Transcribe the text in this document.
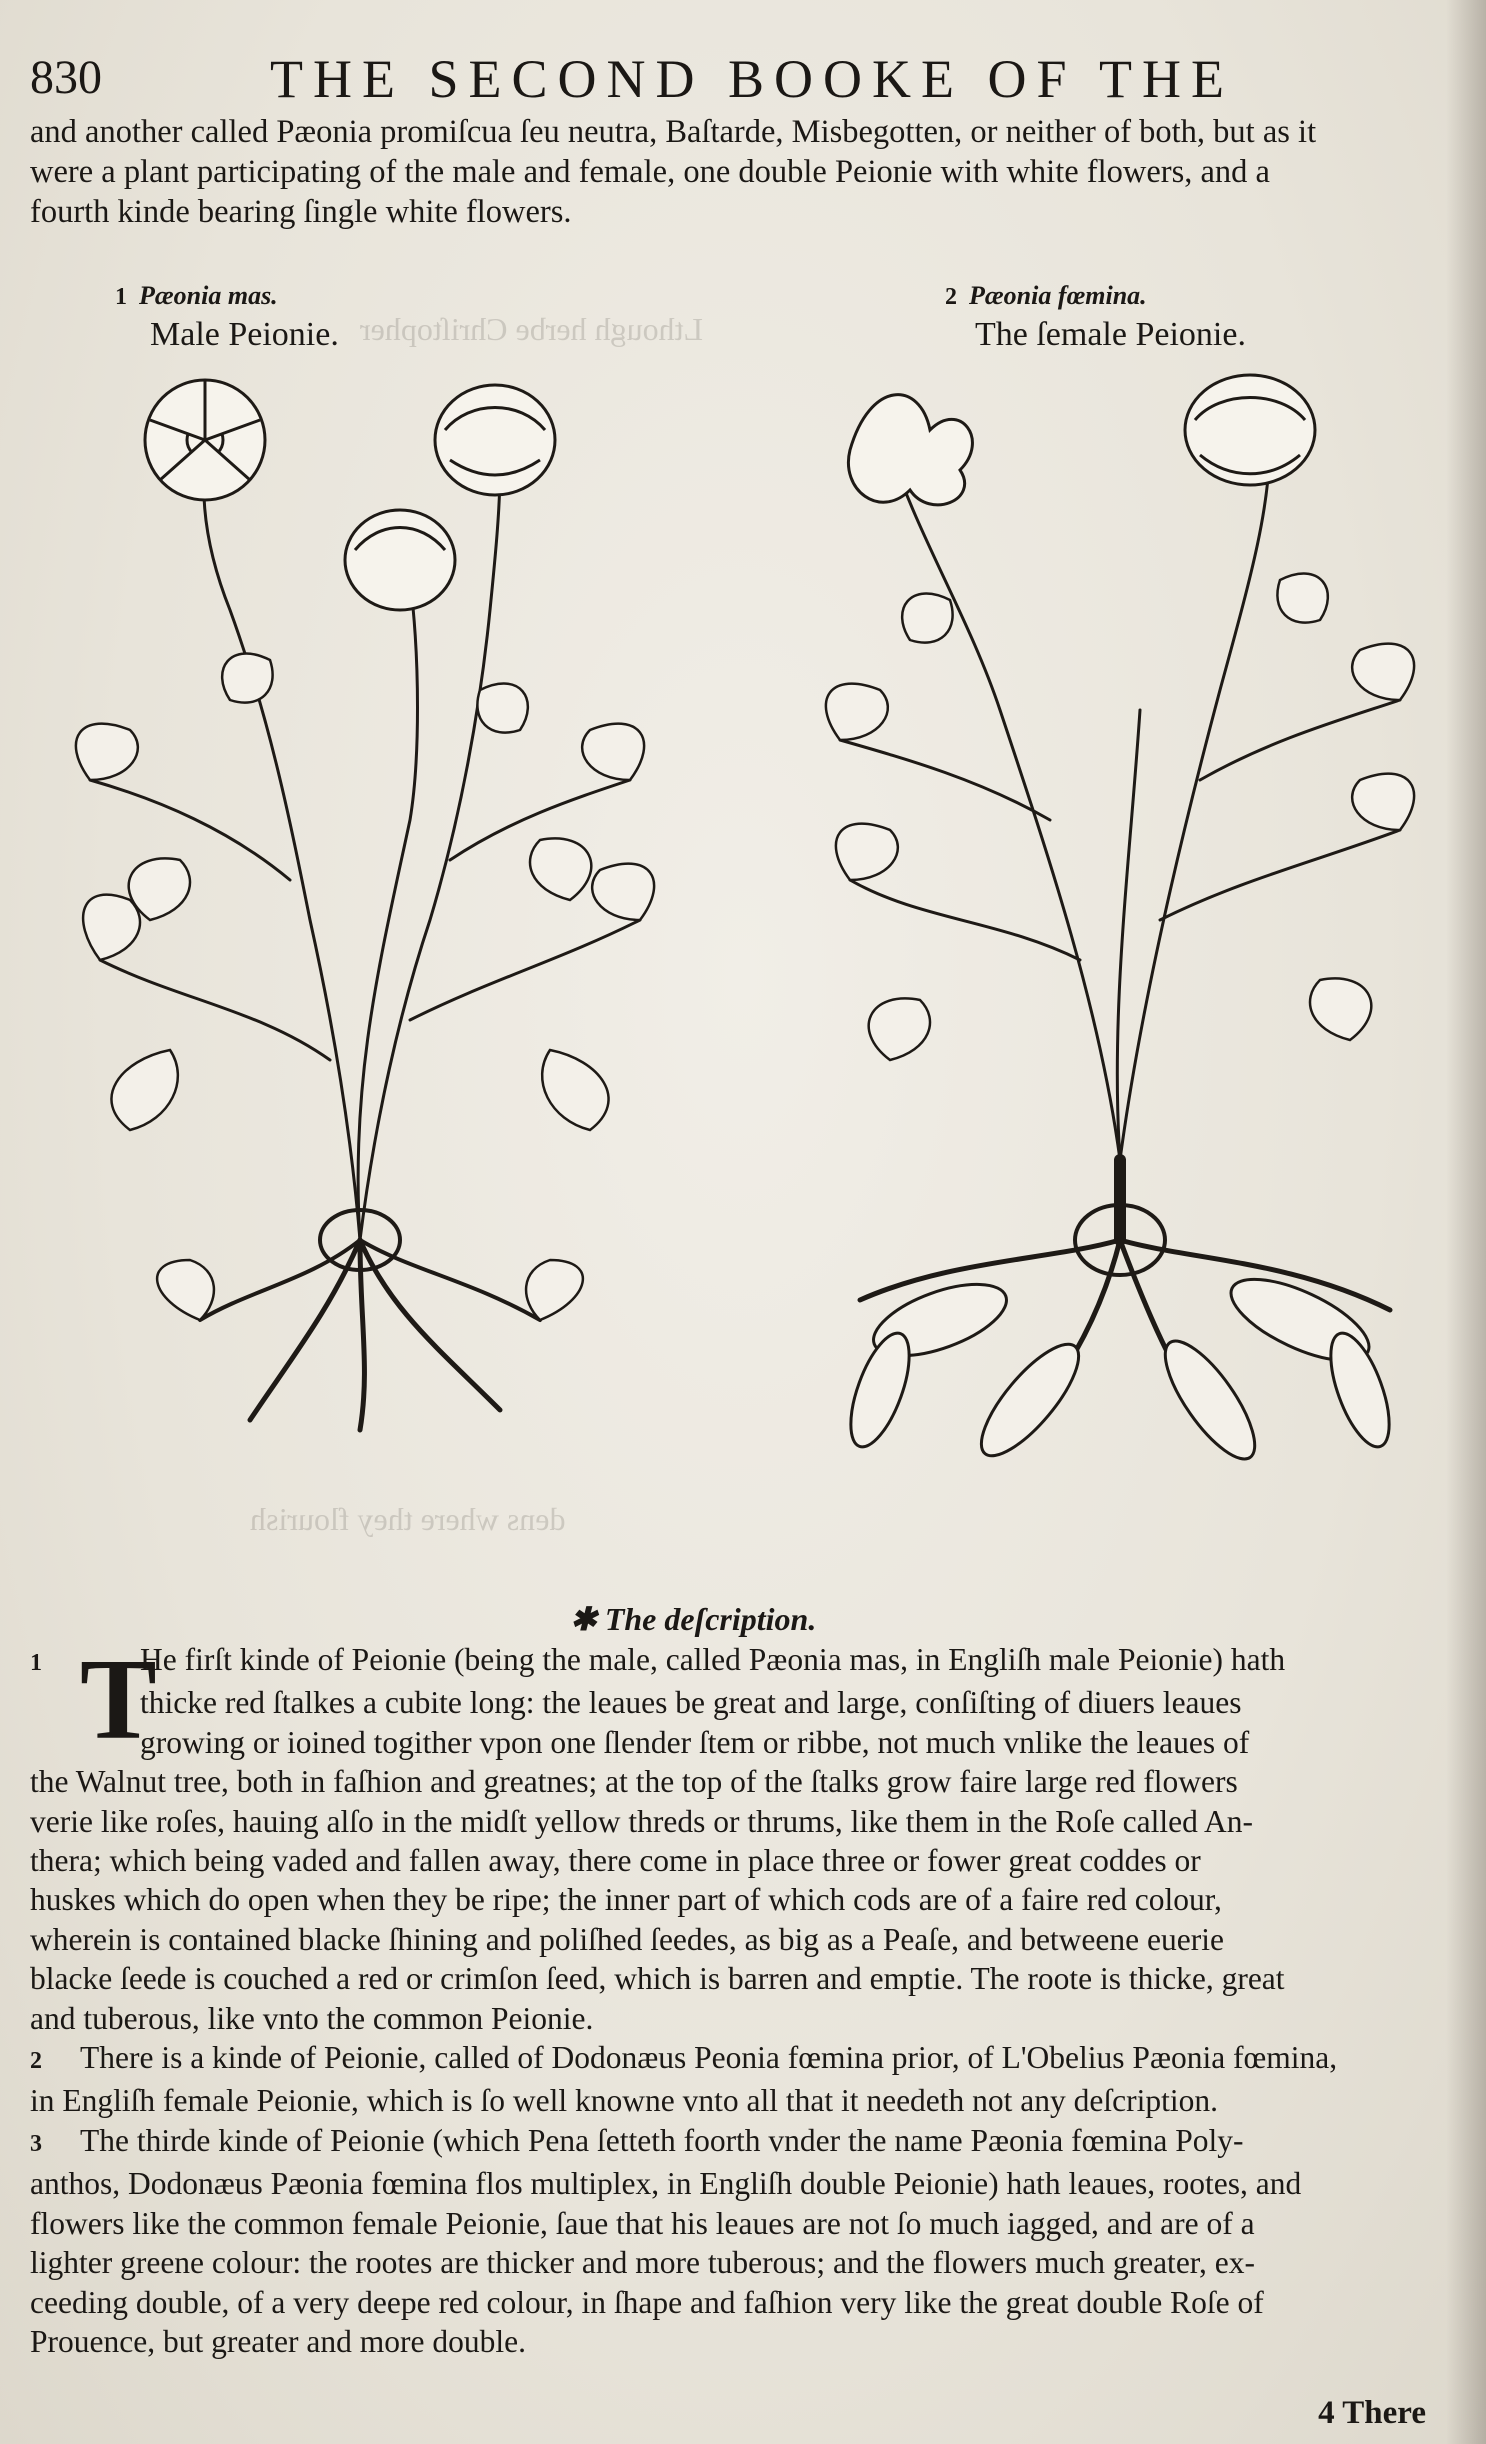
Lthough herbe Chriſtopher
dens where they flourish
830	THE SECOND BOOKE OF THE

and another called Pæonia promiſcua ſeu neutra, Baſtarde, Misbegotten, or neither of both, but as it

were a plant participating of the male and female, one double Peionie with white flowers, and a

fourth kinde bearing ſingle white flowers.

1 Pæonia mas.
Male Peionie.
2 Pæonia fœmina.
The ſemale Peionie.
✱ The deſcription.
T

1	He firſt kinde of Peionie (being the male, called Pæonia mas, in Engliſh male Peionie) hath

thicke red ſtalkes a cubite long: the leaues be great and large, conſiſting of diuers leaues

growing or ioined togither vpon one ſlender ſtem or ribbe, not much vnlike the leaues of

the Walnut tree, both in faſhion and greatnes; at the top of the ſtalks grow faire large red flowers

verie like roſes, hauing alſo in the midſt yellow threds or thrums, like them in the Roſe called An-

thera; which being vaded and fallen away, there come in place three or fower great coddes or

huskes which do open when they be ripe; the inner part of which cods are of a faire red colour,

wherein is contained blacke ſhining and poliſhed ſeedes, as big as a Peaſe, and betweene euerie

blacke ſeede is couched a red or crimſon ſeed, which is barren and emptie. The roote is thicke, great

and tuberous, like vnto the common Peionie.

2 There is a kinde of Peionie, called of Dodonæus Peonia fœmina prior, of L'Obelius Pæonia fœmina,

in Engliſh female Peionie, which is ſo well knowne vnto all that it needeth not any deſcription.

3 The thirde kinde of Peionie (which Pena ſetteth foorth vnder the name Pæonia fœmina Poly-

anthos, Dodonæus Pæonia fœmina flos multiplex, in Engliſh double Peionie) hath leaues, rootes, and

flowers like the common female Peionie, ſaue that his leaues are not ſo much iagged, and are of a

lighter greene colour: the rootes are thicker and more tuberous; and the flowers much greater, ex-

ceeding double, of a very deepe red colour, in ſhape and faſhion very like the great double Roſe of

Prouence, but greater and more double.

4 There
